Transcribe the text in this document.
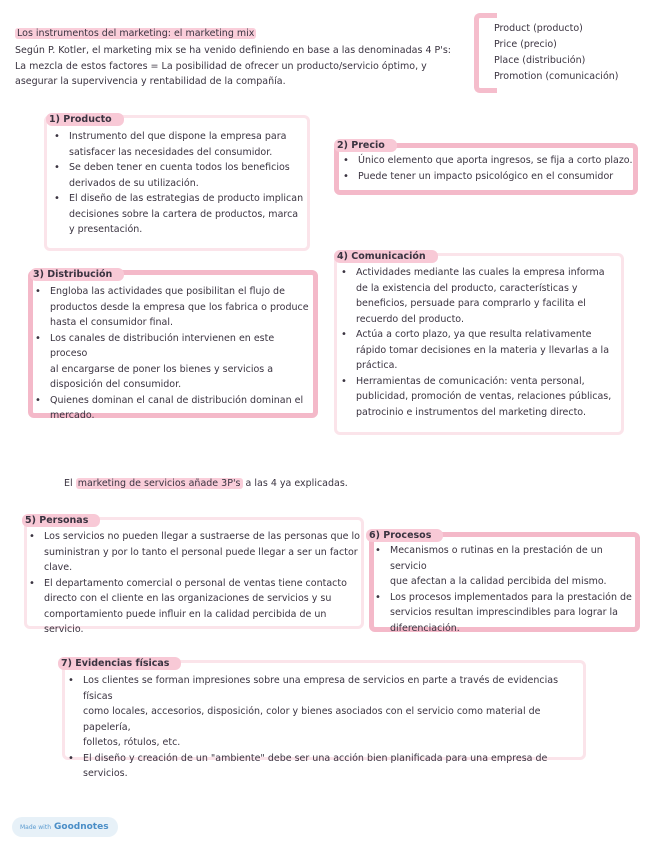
Los instrumentos del marketing: el marketing mix
Según P. Kotler, el marketing mix se ha venido definiendo en base a las denominadas 4 P's:
La mezcla de estos factores = La posibilidad de ofrecer un producto/servicio óptimo, y
asegurar la supervivencia y rentabilidad de la compañía.
Product (producto)
Price (precio)
Place (distribución)
Promotion (comunicación)
1) Producto
• Instrumento del que dispone la empresa para
satisfacer las necesidades del consumidor.
• Se deben tener en cuenta todos los beneficios
derivados de su utilización.
• El diseño de las estrategias de producto implican
decisiones sobre la cartera de productos, marca
y presentación.
2) Precio
• Único elemento que aporta ingresos, se fija a corto plazo.
• Puede tener un impacto psicológico en el consumidor
3) Distribución
• Engloba las actividades que posibilitan el flujo de
productos desde la empresa que los fabrica o produce
hasta el consumidor final.
• Los canales de distribución intervienen en este proceso
al encargarse de poner los bienes y servicios a
disposición del consumidor.
• Quienes dominan el canal de distribución dominan el
mercado.
4) Comunicación
• Actividades mediante las cuales la empresa informa
de la existencia del producto, características y
beneficios, persuade para comprarlo y facilita el
recuerdo del producto.
• Actúa a corto plazo, ya que resulta relativamente
rápido tomar decisiones en la materia y llevarlas a la
práctica.
• Herramientas de comunicación: venta personal,
publicidad, promoción de ventas, relaciones públicas,
patrocinio e instrumentos del marketing directo.
El marketing de servicios añade 3P's a las 4 ya explicadas.
5) Personas
• Los servicios no pueden llegar a sustraerse de las personas que lo
suministran y por lo tanto el personal puede llegar a ser un factor
clave.
• El departamento comercial o personal de ventas tiene contacto
directo con el cliente en las organizaciones de servicios y su
comportamiento puede influir en la calidad percibida de un servicio.
6) Procesos
• Mecanismos o rutinas en la prestación de un servicio
que afectan a la calidad percibida del mismo.
• Los procesos implementados para la prestación de
servicios resultan imprescindibles para lograr la
diferenciación.
7) Evidencias físicas
• Los clientes se forman impresiones sobre una empresa de servicios en parte a través de evidencias físicas
como locales, accesorios, disposición, color y bienes asociados con el servicio como material de papelería,
folletos, rótulos, etc.
• El diseño y creación de un "ambiente" debe ser una acción bien planificada para una empresa de
servicios.
Made with Goodnotes
